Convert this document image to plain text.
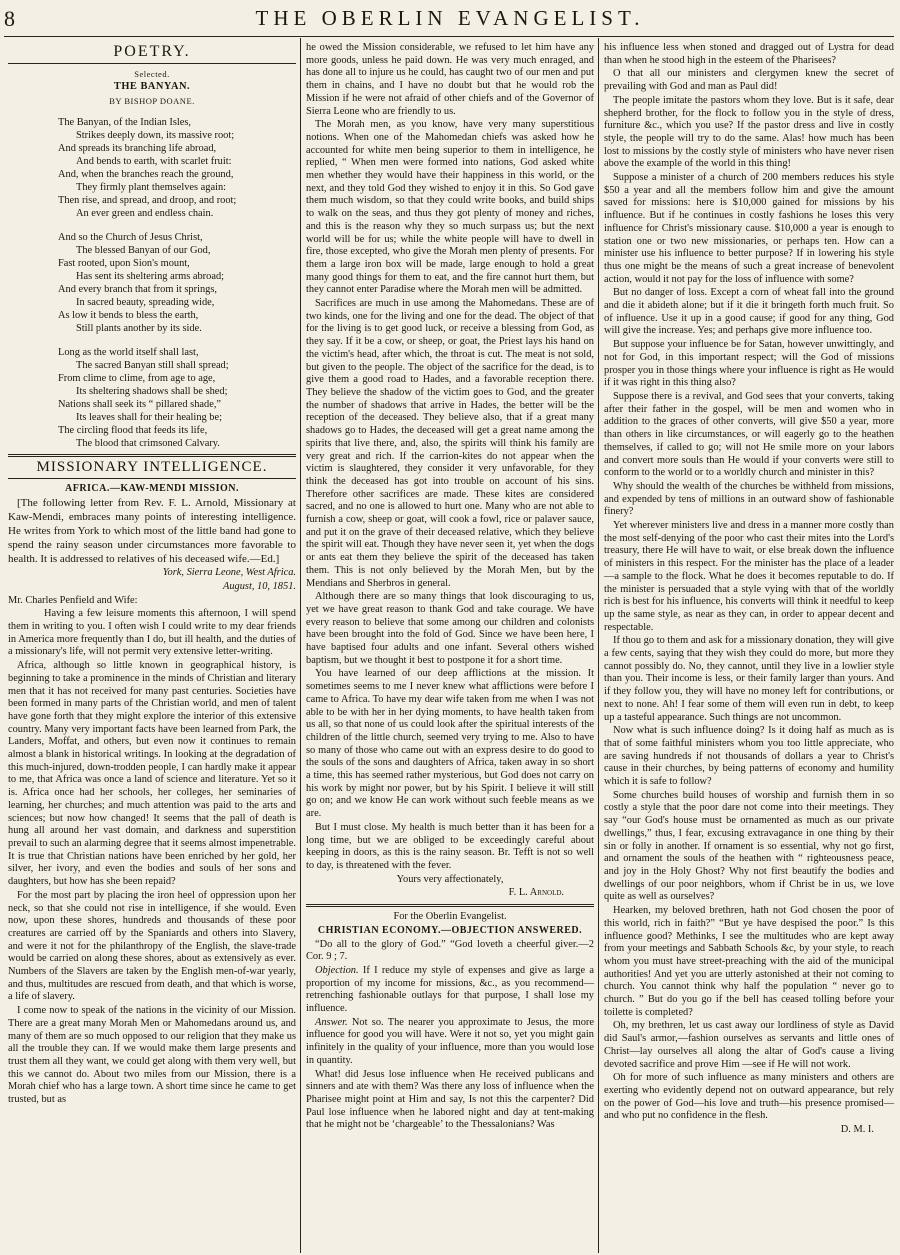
8	THE OBERLIN EVANGELIST.
POETRY.

Selected.

THE BANYAN.

BY BISHOP DOANE.

The Banyan, of the Indian Isles,
Strikes deeply down, its massive root;
And spreads its branching life abroad,
And bends to earth, with scarlet fruit:
And, when the branches reach the ground,
They firmly plant themselves again:
Then rise, and spread, and droop, and root;
An ever green and endless chain.
And so the Church of Jesus Christ,
The blessed Banyan of our God,
Fast rooted, upon Sion's mount,
Has sent its sheltering arms abroad;
And every branch that from it springs,
In sacred beauty, spreading wide,
As low it bends to bless the earth,
Still plants another by its side.
Long as the world itself shall last,
The sacred Banyan still shall spread;
From clime to clime, from age to age,
Its sheltering shadows shall be shed;
Nations shall seek its “ pillared shade,”
Its leaves shall for their healing be;
The circling flood that feeds its life,
The blood that crimsoned Calvary.
MISSIONARY INTELLIGENCE.

AFRICA.—KAW-MENDI MISSION.

[The following letter from Rev. F. L. Arnold, Missionary at Kaw-Mendi, embraces many points of interesting intelligence. He writes from York to which most of the little band had gone to spend the rainy season under circumstances more favorable to health. It is addressed to relatives of his deceased wife.—Ed.]

York, Sierra Leone, West Africa.

August, 10, 1851.

Mr. Charles Penfield and Wife:

Having a few leisure moments this afternoon, I will spend them in writing to you. I often wish I could write to my dear friends in America more frequently than I do, but ill health, and the duties of a missionary's life, will not permit very extensive letter-writing.

Africa, although so little known in geographical history, is beginning to take a prominence in the minds of Christian and literary men that it has not received for many past centuries. Societies have been formed in many parts of the Christian world, and men of talent have gone forth that they might explore the interior of this extensive country. Many very important facts have been learned from Park, the Landers, Moffat, and others, but even now it continues to remain almost a blank in historical writings. In looking at the degradation of this much-injured, down-trodden people, I can hardly make it appear to me, that Africa was once a land of science and literature. Yet so it is. Africa once had her schools, her colleges, her seminaries of learning, her churches; and much attention was paid to the arts and sciences; but now how changed! It seems that the pall of death is hung all around her vast domain, and darkness and superstition prevail to such an alarming degree that it seems almost impenetrable. It is true that Christian nations have been enriched by her gold, her silver, her ivory, and even the bodies and souls of her sons and daughters, but how has she been repaid?

For the most part by placing the iron heel of oppression upon her neck, so that she could not rise in intelligence, if she would. Even now, upon these shores, hundreds and thousands of these poor creatures are carried off by the Spaniards and others into Slavery, and were it not for the philanthropy of the English, the slave-trade would be carried on along these shores, about as extensively as ever. Numbers of the Slavers are taken by the English men-of-war yearly, and thus, multitudes are rescued from death, and that which is worse, a life of slavery.

I come now to speak of the nations in the vicinity of our Mission. There are a great many Morah Men or Mahomedans around us, and many of them are so much opposed to our religion that they make us all the trouble they can. If we would make them large presents and trust them all they want, we could get along with them very well, but this we cannot do. About two miles from our Mission, there is a Morah chief who has a large town. A short time since he came to get trusted, but as

he owed the Mission considerable, we refused to let him have any more goods, unless he paid down. He was very much enraged, and has done all to injure us he could, has caught two of our men and put them in chains, and I have no doubt but that he would rob the Mission if he were not afraid of other chiefs and of the Governor of Sierra Leone who are friendly to us.

The Morah men, as you know, have very many superstitious notions. When one of the Mahomedan chiefs was asked how he accounted for white men being superior to them in intelligence, he replied, “ When men were formed into nations, God asked white men whether they would have their happiness in this world, or the next, and they told God they wished to enjoy it in this. So God gave them much wisdom, so that they could write books, and build ships to walk on the seas, and thus they got plenty of money and riches, and this is the reason why they so much surpass us; but the next world will be for us; while the white people will have to dwell in fire, those excepted, who give the Morah men plenty of presents. For them a large iron box will be made, large enough to hold a great many good things for them to eat, and the fire cannot hurt them, but they cannot enter Paradise where the Morah men will be admitted.

Sacrifices are much in use among the Mahomedans. These are of two kinds, one for the living and one for the dead. The object of that for the living is to get good luck, or receive a blessing from God, as they say. If it be a cow, or sheep, or goat, the Priest lays his hand on the victim's head, after which, the throat is cut. The meat is not sold, but given to the people. The object of the sacrifice for the dead, is to give them a good road to Hades, and a favorable reception there. They believe the shadow of the victim goes to God, and the greater the number of shadows that arrive in Hades, the better will be the reception of the deceased. They believe also, that if a great many shadows go to Hades, the deceased will get a great name among the spirits that live there, and, also, the spirits will think his family are very great and rich. If the carrion-kites do not appear when the victim is slaughtered, they consider it very unfavorable, for they think the deceased has got into trouble on account of his sins. Therefore other sacrifices are made. These kites are considered sacred, and no one is allowed to hurt one. Many who are not able to furnish a cow, sheep or goat, will cook a fowl, rice or palaver sauce, and put it on the grave of their deceased relative, which they believe the spirit will eat. Though they have never seen it, yet when the dogs or ants eat them they believe the spirit of the deceased has taken them. This is not only believed by the Morah Men, but by the Mendians and Sherbros in general.

Although there are so many things that look discouraging to us, yet we have great reason to thank God and take courage. We have every reason to believe that some among our children and colonists have been brought into the fold of God. Since we have been here, I have baptised four adults and one infant. Several others wished baptism, but we thought it best to postpone it for a short time.

You have learned of our deep afflictions at the mission. It sometimes seems to me I never knew what afflictions were before I came to Africa. To have my dear wife taken from me when I was not able to be with her in her dying moments, to have health taken from us all, so that none of us could look after the spiritual interests of the children of the little church, seemed very trying to me. Also to have so many of those who came out with an express desire to do good to the souls of the sons and daughters of Africa, taken away in so short a time, this has seemed rather mysterious, but God does not carry on his work by might nor power, but by his Spirit. I believe it will still go on; and we know He can work without such feeble means as we are.

But I must close. My health is much better than it has been for a long time, but we are obliged to be exceedingly careful about keeping in doors, as this is the rainy season. Br. Tefft is not so well to day, is threatened with the fever.

Yours very affectionately,

F. L. Arnold.

For the Oberlin Evangelist.

CHRISTIAN ECONOMY.—OBJECTION ANSWERED.

“Do all to the glory of God.” “God loveth a cheerful giver.—2 Cor. 9 ; 7.

Objection. If I reduce my style of expenses and give as large a proportion of my income for missions, &c., as you recommend—retrenching fashionable outlays for that purpose, I shall lose my influence.

Answer. Not so. The nearer you approximate to Jesus, the more influence for good you will have. Were it not so, yet you might gain infinitely in the quality of your influence, more than you would lose in quantity.

What! did Jesus lose influence when He received publicans and sinners and ate with them? Was there any loss of influence when the Pharisee might point at Him and say, Is not this the carpenter? Did Paul lose influence when he labored night and day at tent-making that he might not be ‘chargeable’ to the Thessalonians? Was

his influence less when stoned and dragged out of Lystra for dead than when he stood high in the esteem of the Pharisees?

O that all our ministers and clergymen knew the secret of prevailing with God and man as Paul did!

The people imitate the pastors whom they love. But is it safe, dear shepherd brother, for the flock to follow you in the style of dress, furniture &c., which you use? If the pastor dress and live in costly style, the people will try to do the same. Alas! how much has been lost to missions by the costly style of ministers who have never risen above the example of the world in this thing!

Suppose a minister of a church of 200 members reduces his style $50 a year and all the members follow him and give the amount saved for missions: here is $10,000 gained for missions by his influence. But if he continues in costly fashions he loses this very influence for Christ's missionary cause. $10,000 a year is enough to station one or two new missionaries, or perhaps ten. How can a minister use his influence to better purpose? If in lowering his style thus one might be the means of such a great increase of benevolent action, would it not pay for the loss of influence with some?

But no danger of loss. Except a corn of wheat fall into the ground and die it abideth alone; but if it die it bringeth forth much fruit. So of influence. Use it up in a good cause; if good for any thing, God will give the increase. Yes; and perhaps give more influence too.

But suppose your influence be for Satan, however unwittingly, and not for God, in this important respect; will the God of missions prosper you in those things where your influence is right as He would if it was right in this thing also?

Suppose there is a revival, and God sees that your converts, taking after their father in the gospel, will be men and women who in addition to the graces of other converts, will give $50 a year, more than others in like circumstances, or will eagerly go to the heathen themselves, if called to go; will not He smile more on your labors and convert more souls than He would if your converts were still to conform to the world or to a worldly church and minister in this?

Why should the wealth of the churches be withheld from missions, and expended by tens of millions in an outward show of fashionable finery?

Yet wherever ministers live and dress in a manner more costly than the most self-denying of the poor who cast their mites into the Lord's treasury, there He will have to wait, or else break down the influence of ministers in this respect. For the minister has the place of a leader—a sample to the flock. What he does it becomes reputable to do. If the minister is persuaded that a style vying with that of the worldly rich is best for his influence, his converts will think it needful to keep up the same style, as near as they can, in order to appear decent and respectable.

If thou go to them and ask for a missionary donation, they will give a few cents, saying that they wish they could do more, but more they cannot possibly do. No, they cannot, until they live in a lowlier style than you. Their income is less, or their family larger than yours. And if they follow you, they will have no money left for contributions, or next to none. Ah! I fear some of them will even run in debt, to keep up a tasteful appearance. Such things are not uncommon.

Now what is such influence doing? Is it doing half as much as is that of some faithful ministers whom you too little appreciate, who are saving hundreds if not thousands of dollars a year to Christ's cause in their churches, by being patterns of economy and humility which it is safe to follow?

Some churches build houses of worship and furnish them in so costly a style that the poor dare not come into their meetings. They say “our God's house must be ornamented as much as our private dwellings,” thus, I fear, excusing extravagance in one thing by their sin or folly in another. If ornament is so essential, why not go first, and ornament the souls of the heathen with “ righteousness peace, and joy in the Holy Ghost? Why not first beautify the bodies and dwellings of our poor neighbors, whom if Christ be in us, we love quite as well as ourselves?

Hearken, my beloved brethren, hath not God chosen the poor of this world, rich in faith?” “But ye have despised the poor.” Is this influence good? Methinks, I see the multitudes who are kept away from your meetings and Sabbath Schools &c, by your style, to reach whom you must have street-preaching with the aid of the municipal authorities! And yet you are utterly astonished at their not coming to church. You cannot think why half the population “ never go to church. ” But do you go if the bell has ceased tolling before your toilette is completed?

Oh, my brethren, let us cast away our lordliness of style as David did Saul's armor,—fashion ourselves as servants and little ones of Christ—lay ourselves all along the altar of God's cause a living devoted sacrifice and prove Him —see if He will not work.

Oh for more of such influence as many ministers and others are exerting who evidently depend not on outward appearance, but rely on the power of God—his love and truth—his presence promised—and who put no confidence in the flesh.

D. M. I.
